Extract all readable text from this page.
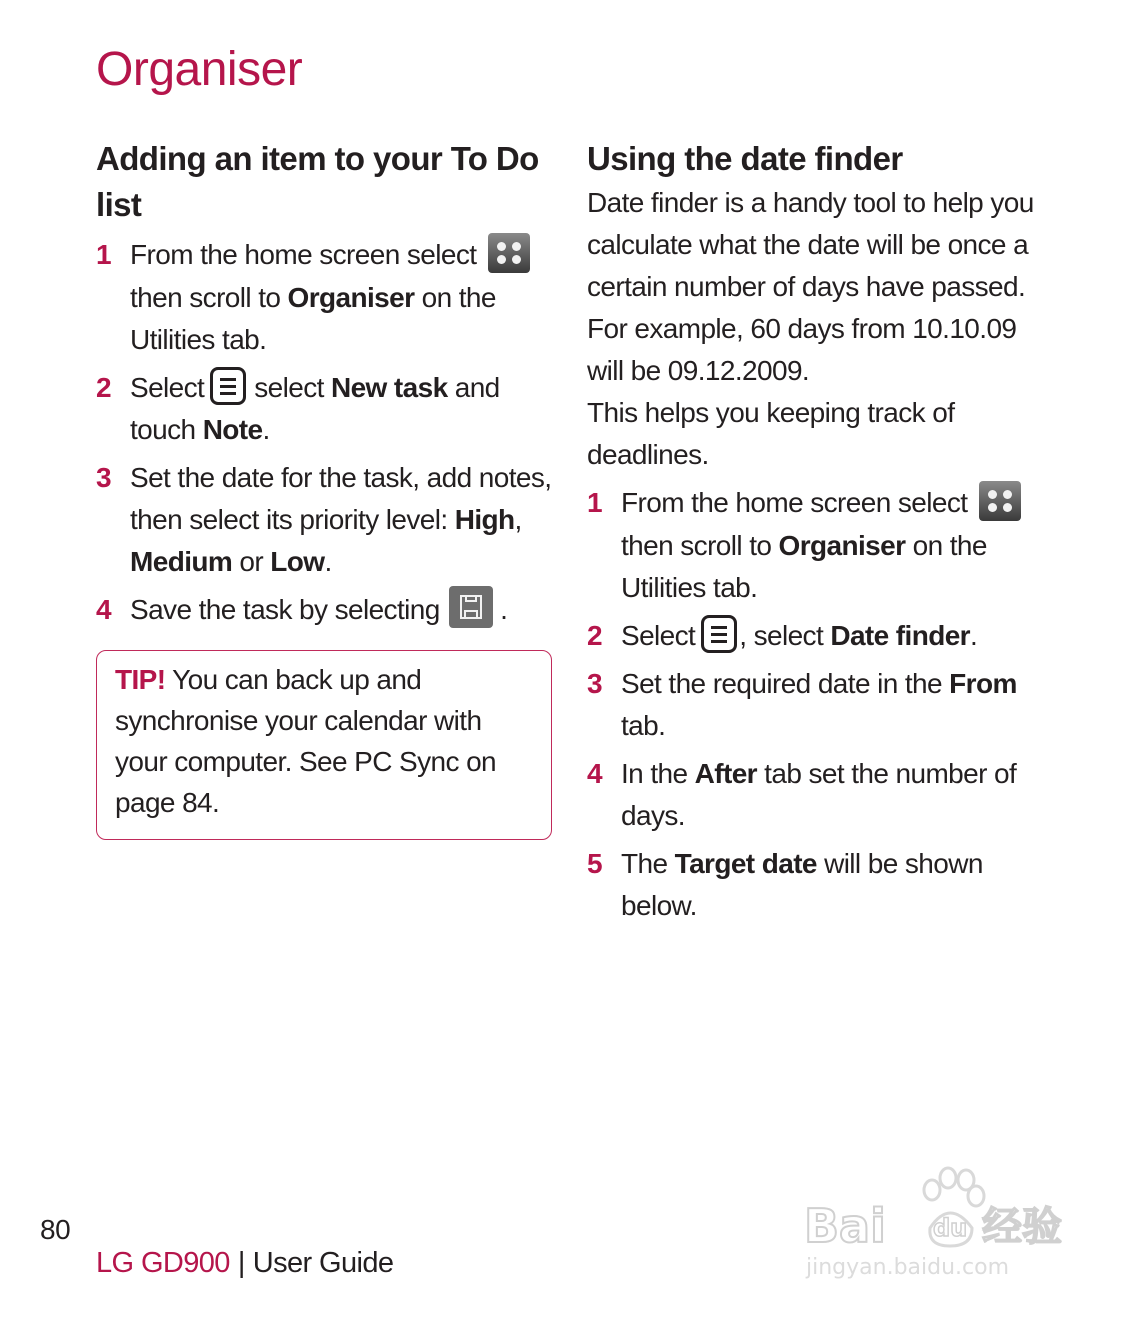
Organiser
Adding an item to your To Do list
1 From the home screen select
then scroll to Organiser on the Utilities tab.
2 Select select New task and touch Note.
3 Set the date for the task, add notes, then select its priority level: High, Medium or Low.
4 Save the task by selecting
.
TIP! You can back up and synchronise your calendar with your computer. See PC Sync on page 84.
Using the date finder

Date finder is a handy tool to help you calculate what the date will be once a certain number of days have passed. For example, 60 days from 10.10.09 will be 09.12.2009.

This helps you keeping track of deadlines.

1 From the home screen select
then scroll to Organiser on the Utilities tab.
2 Select , select Date finder.
3 Set the required date in the From tab.
4 In the After tab set the number of days.
5 The Target date will be shown below.
80
LG GD900 | User Guide
Bai du 经验
jingyan.baidu.com
